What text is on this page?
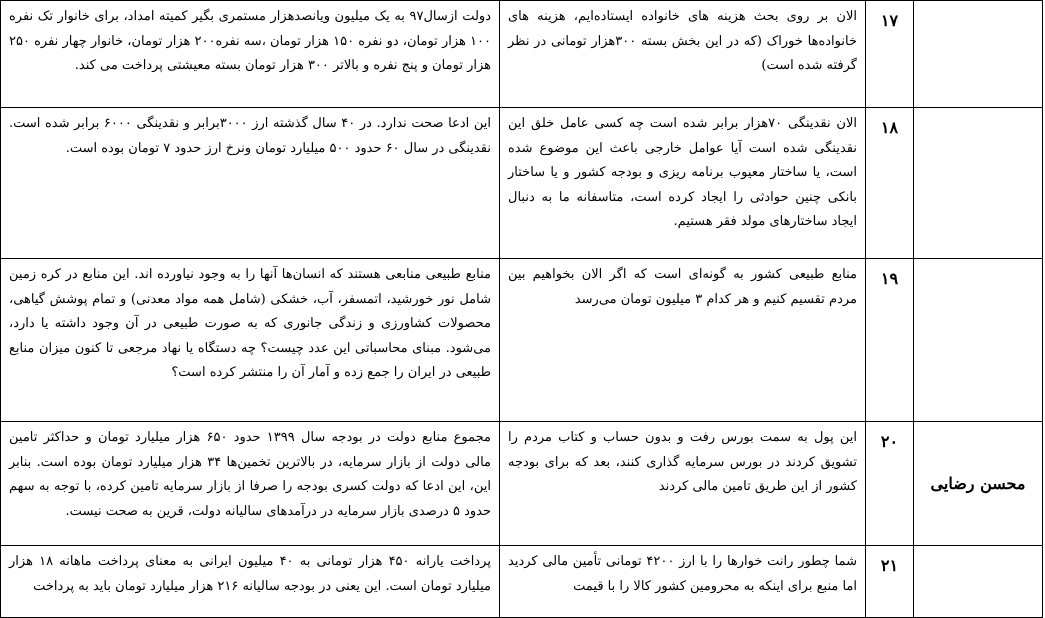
	۱۷	الان بر روی بحث هزینه های خانواده ایستاده‌ایم، هزینه های خانواده‌ها خوراک (که در این بخش بسته ۳۰۰هزار تومانی در نظر گرفته شده است)	دولت ازسال۹۷ به یک میلیون ویانصدهزار مستمری بگیر کمیته امداد، برای خانوار تک نفره ۱۰۰ هزار تومان، دو نفره ۱۵۰ هزار تومان ،سه نفره۲۰۰ هزار تومان، خانوار چهار نفره ۲۵۰ هزار تومان و پنج نفره و بالاتر ۳۰۰ هزار تومان بسته معیشتی پرداخت می کند.

	۱۸	الان نقدینگی ۷۰هزار برابر شده است چه کسی عامل خلق این نقدینگی شده است آیا عوامل خارجی باعث این موضوع شده است، یا ساختار معیوب برنامه ریزی و بودجه کشور و یا ساختار بانکی چنین حوادثی را ایجاد کرده است، متاسفانه ما به دنبال ایجاد ساختارهای مولد فقر هستیم.	این ادعا صحت ندارد. در ۴۰ سال گذشته ارز ۳۰۰۰برابر و نقدینگی ۶۰۰۰ برابر شده است. نقدینگی در سال ۶۰ حدود ۵۰۰ میلیارد تومان ونرخ ارز حدود ۷ تومان بوده است.

	۱۹	منابع طبیعی کشور به گونه‌ای است که اگر الان بخواهیم بین مردم تقسیم کنیم و هر کدام ۳ میلیون تومان می‌رسد	منابع طبیعی منابعی هستند که انسان‌ها آنها را به وجود نیاورده اند. این منابع در کره زمین شامل نور خورشید، اتمسفر، آب، خشکی (شامل همه مواد معدنی) و تمام پوشش گیاهی، محصولات کشاورزی و زندگی جانوری که به صورت طبیعی در آن وجود داشته یا دارد، می‌شود. مبنای محاسباتی این عدد چیست؟ چه دستگاه یا نهاد مرجعی تا کنون میزان منابع طبیعی در ایران را جمع زده و آمار آن را منتشر کرده است؟

محسن رضایی	۲۰	این پول به سمت بورس رفت و بدون حساب و کتاب مردم را تشویق کردند در بورس سرمایه گذاری کنند، بعد که برای بودجه کشور از این طریق تامین مالی کردند	مجموع منابع دولت در بودجه سال ۱۳۹۹ حدود ۶۵۰ هزار میلیارد تومان و حداکثر تامین مالی دولت از بازار سرمایه، در بالاترین تخمین‌ها ۳۴ هزار میلیارد تومان بوده است. بنابر این، این ادعا که دولت کسری بودجه را صرفا از بازار سرمایه تامین کرده، با توجه به سهم حدود ۵ درصدی بازار سرمایه در درآمدهای سالیانه دولت، قرین به صحت نیست.

	۲۱	شما چطور رانت خوارها را با ارز ۴۲۰۰ تومانی تأمین مالی کردید اما منبع برای اینکه به محرومین کشور کالا را با قیمت	پرداخت یارانه ۴۵۰ هزار تومانی به ۴۰ میلیون ایرانی به معنای پرداخت ماهانه ۱۸ هزار میلیارد تومان است. این یعنی در بودجه سالیانه ۲۱۶ هزار میلیارد تومان باید به پرداخت
